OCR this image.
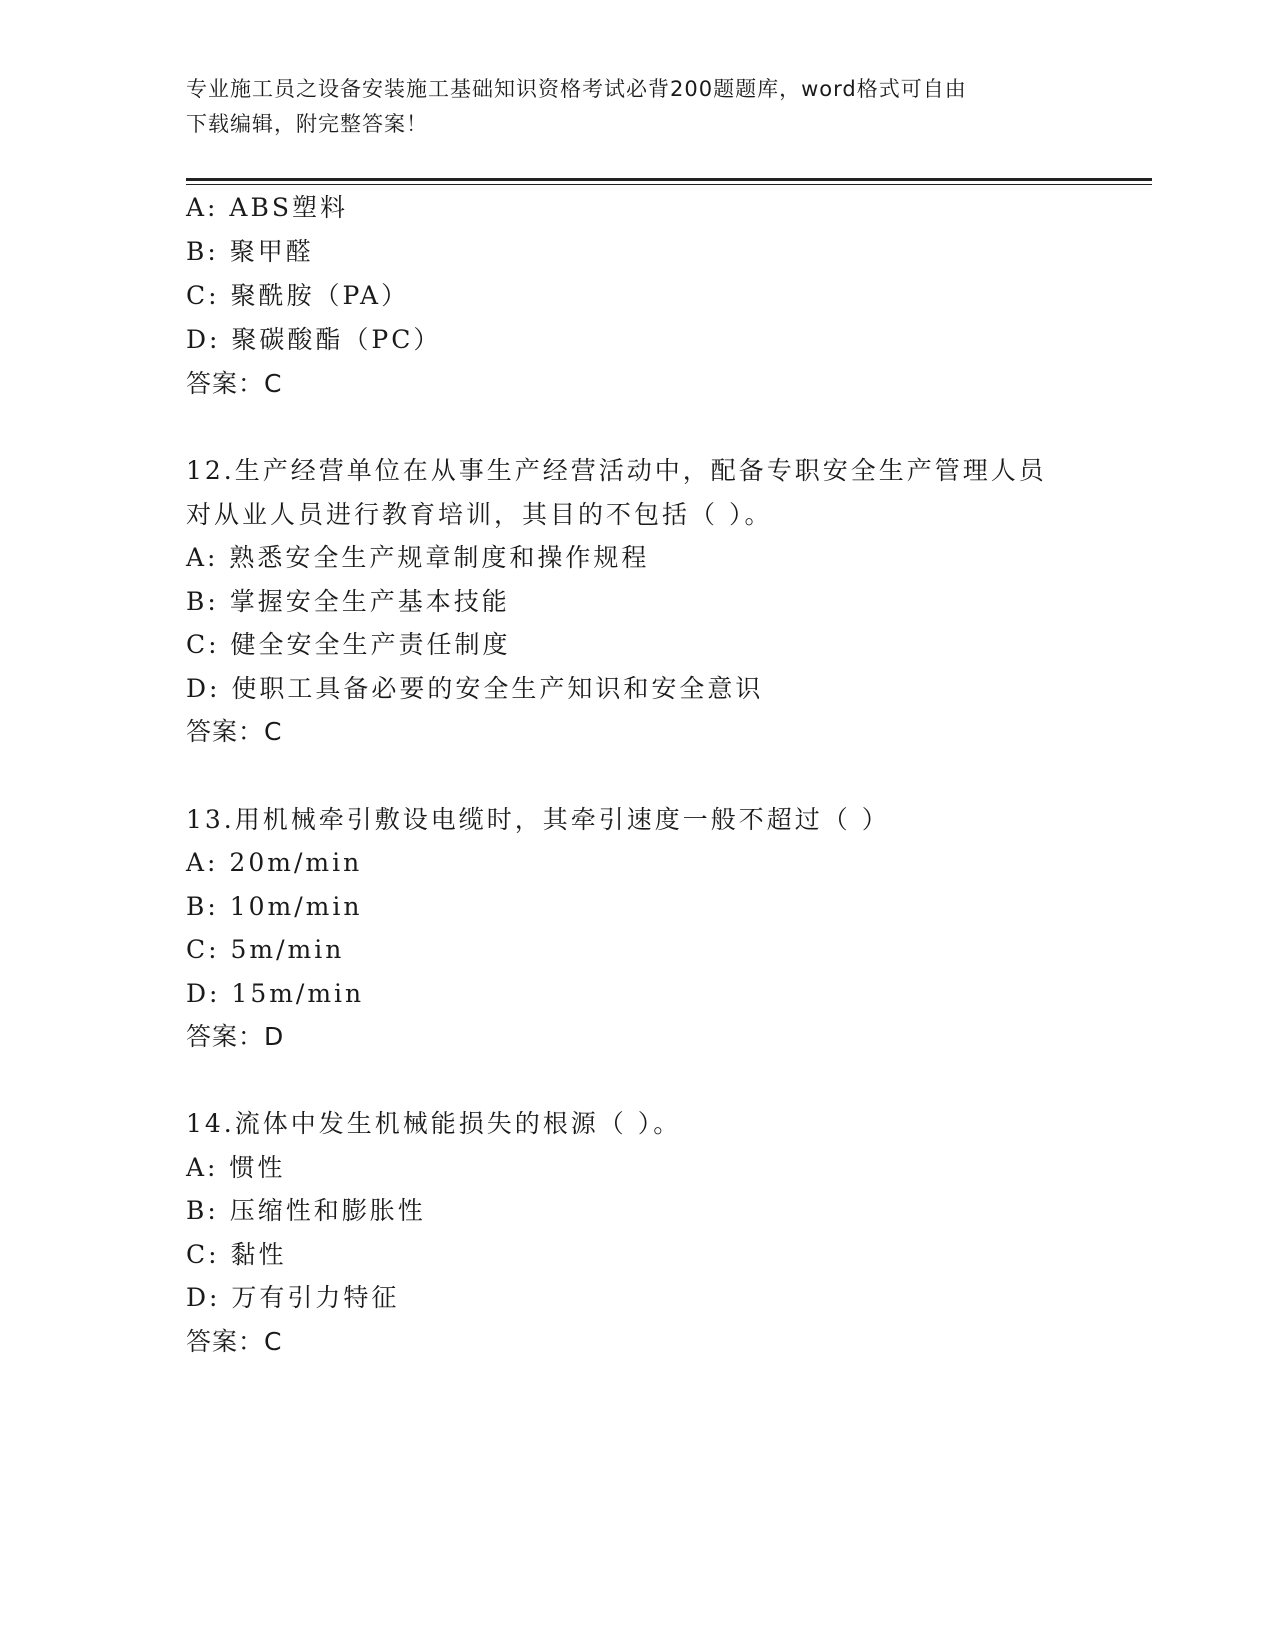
专业施工员之设备安装施工基础知识资格考试必背200题题库，word格式可自由
下载编辑，附完整答案！
A: ABS塑料
B: 聚甲醛
C: 聚酰胺（PA）
D: 聚碳酸酯（PC）
答案：C
12.生产经营单位在从事生产经营活动中，配备专职安全生产管理人员
对从业人员进行教育培训，其目的不包括（ ）。
A: 熟悉安全生产规章制度和操作规程
B: 掌握安全生产基本技能
C: 健全安全生产责任制度
D: 使职工具备必要的安全生产知识和安全意识
答案：C
13.用机械牵引敷设电缆时，其牵引速度一般不超过（ ）
A: 20m/min
B: 10m/min
C: 5m/min
D: 15m/min
答案：D
14.流体中发生机械能损失的根源（ ）。
A: 惯性
B: 压缩性和膨胀性
C: 黏性
D: 万有引力特征
答案：C
